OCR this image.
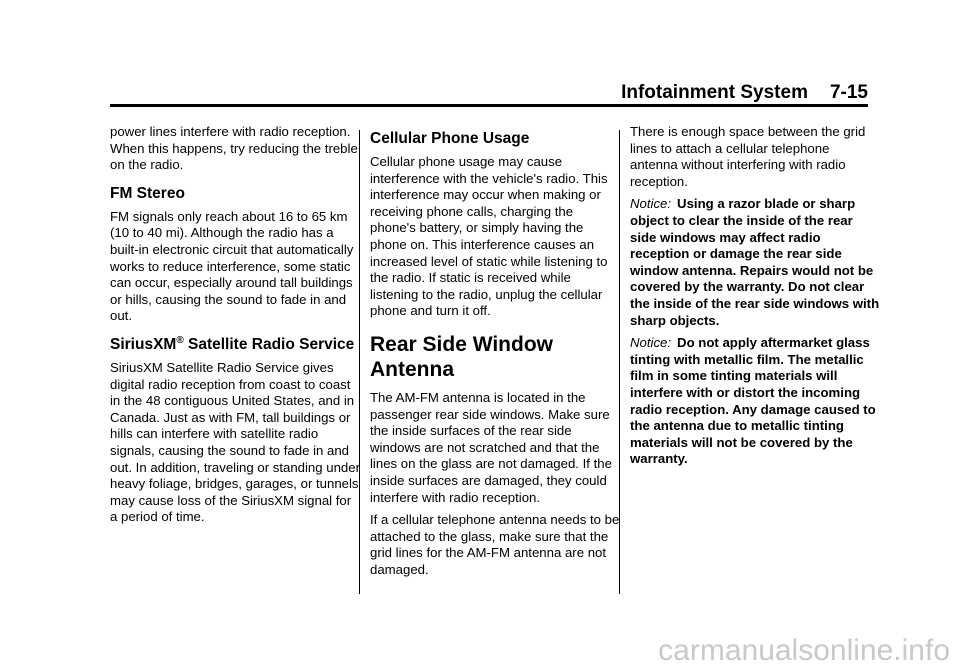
Infotainment System 7-15

power lines interfere with radio reception. When this happens, try reducing the treble on the radio.

FM Stereo

FM signals only reach about 16 to 65 km (10 to 40 mi). Although the radio has a built-in electronic circuit that automatically works to reduce interference, some static can occur, especially around tall buildings or hills, causing the sound to fade in and out.

SiriusXM® Satellite Radio Service

SiriusXM Satellite Radio Service gives digital radio reception from coast to coast in the 48 contiguous United States, and in Canada. Just as with FM, tall buildings or hills can interfere with satellite radio signals, causing the sound to fade in and out. In addition, traveling or standing under heavy foliage, bridges, garages, or tunnels may cause loss of the SiriusXM signal for a period of time.

Cellular Phone Usage

Cellular phone usage may cause interference with the vehicle's radio. This interference may occur when making or receiving phone calls, charging the phone's battery, or simply having the phone on. This interference causes an increased level of static while listening to the radio. If static is received while listening to the radio, unplug the cellular phone and turn it off.

Rear Side Window Antenna

The AM-FM antenna is located in the passenger rear side windows. Make sure the inside surfaces of the rear side windows are not scratched and that the lines on the glass are not damaged. If the inside surfaces are damaged, they could interfere with radio reception.

If a cellular telephone antenna needs to be attached to the glass, make sure that the grid lines for the AM-FM antenna are not damaged.

There is enough space between the grid lines to attach a cellular telephone antenna without interfering with radio reception.

Notice: Using a razor blade or sharp object to clear the inside of the rear side windows may affect radio reception or damage the rear side window antenna. Repairs would not be covered by the warranty. Do not clear the inside of the rear side windows with sharp objects.

Notice: Do not apply aftermarket glass tinting with metallic film. The metallic film in some tinting materials will interfere with or distort the incoming radio reception. Any damage caused to the antenna due to metallic tinting materials will not be covered by the warranty.

carmanualsonline.info
